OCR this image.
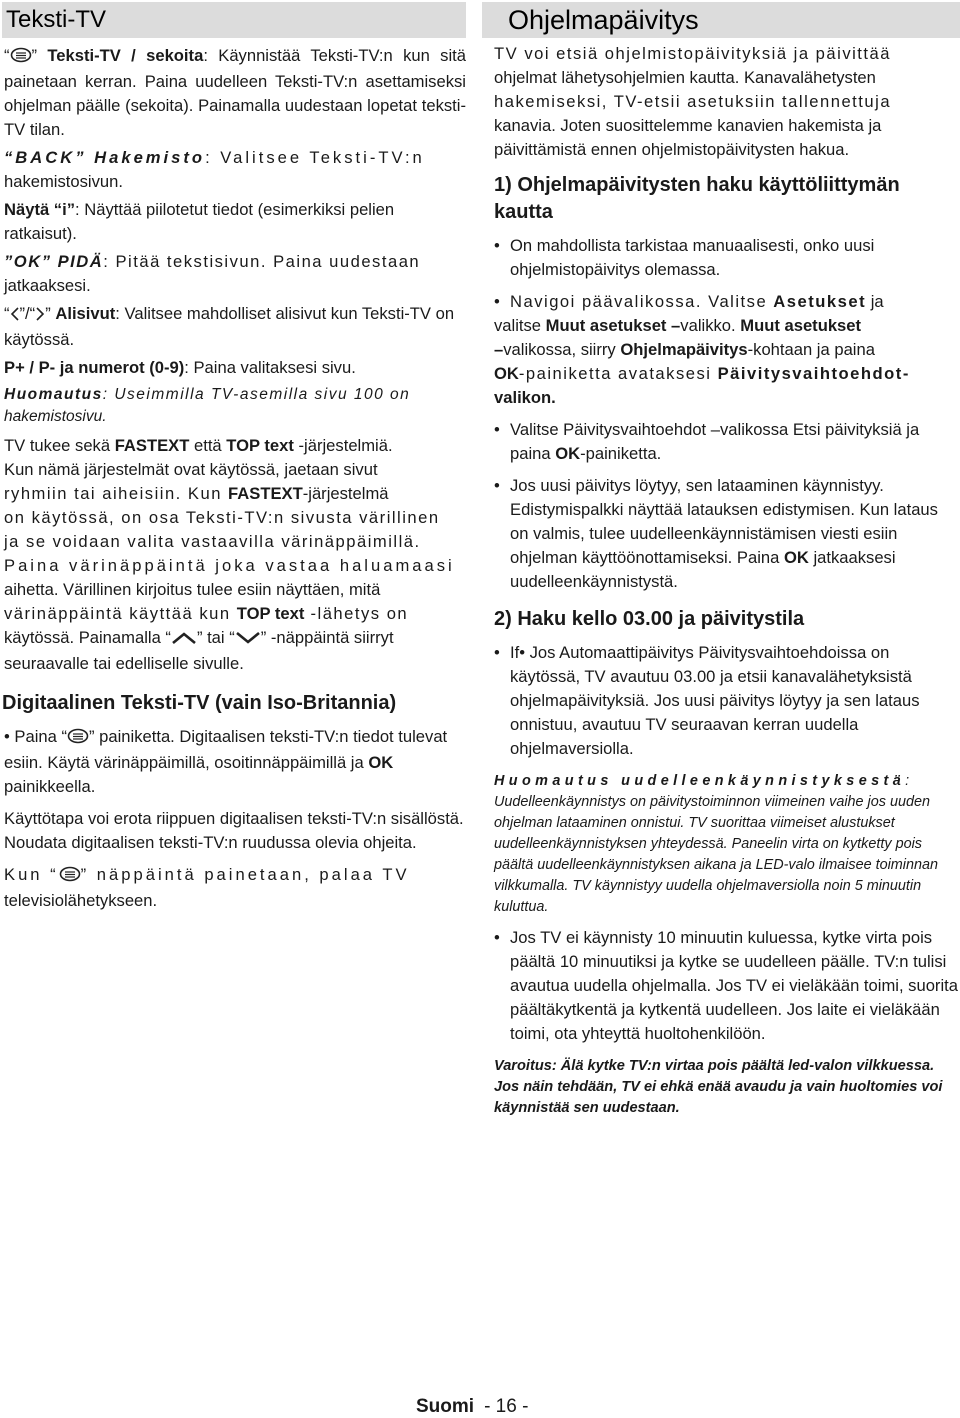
Teksti-TV

“ ” Teksti-TV / sekoita: Käynnistää Teksti-TV:n kun sitä painetaan kerran. Paina uudelleen Teksti-TV:n asettamiseksi ohjelman päälle (sekoita). Painamalla uudestaan lopetat teksti-TV tilan.

“BACK” Hakemisto: Valitsee Teksti-TV:n
hakemistosivun.

Näytä “i”: Näyttää piilotetut tiedot (esimerkiksi pelien ratkaisut).

”OK” PIDÄ: Pitää tekstisivun. Paina uudestaan
jatkaaksesi.

“ ”/“ ” Alisivut: Valitsee mahdolliset alisivut kun Teksti-TV on käytössä.

P+ / P- ja numerot (0-9): Paina valitaksesi sivu.

Huomautus: Useimmilla TV-asemilla sivu 100 on
hakemistosivu.

TV tukee sekä FASTEXT että TOP text -järjestelmiä.
Kun nämä järjestelmät ovat käytössä, jaetaan sivut
ryhmiin tai aiheisiin. Kun FASTEXT-järjestelmä
on käytössä, on osa Teksti-TV:n sivusta värillinen
ja se voidaan valita vastaavilla värinäppäimillä.
Paina värinäppäintä joka vastaa haluamaasi
aihetta. Värillinen kirjoitus tulee esiin näyttäen, mitä
värinäppäintä käyttää kun TOP text -lähetys on
käytössä. Painamalla “ ” tai “ ” -näppäintä siirryt
seuraavalle tai edelliselle sivulle.

Digitaalinen Teksti-TV (vain Iso-Britannia)

• Paina “ ” painiketta. Digitaalisen teksti-TV:n tiedot tulevat esiin. Käytä värinäppäimillä, osoitinnäppäimillä ja OK painikkeella.

Käyttötapa voi erota riippuen digitaalisen teksti-TV:n sisällöstä. Noudata digitaalisen teksti-TV:n ruudussa olevia ohjeita.

Kun “ ” näppäintä painetaan, palaa TV
televisiolähetykseen.

Ohjelmapäivitys

TV voi etsiä ohjelmistopäivityksiä ja päivittää
ohjelmat lähetysohjelmien kautta. Kanavalähetysten
hakemiseksi, TV-etsii asetuksiin tallennettuja
kanavia. Joten suosittelemme kanavien hakemista ja
päivittämistä ennen ohjelmistopäivitysten hakua.

1) Ohjelmapäivitysten haku käyttöliittymän kautta
• On mahdollista tarkistaa manuaalisesti, onko uusi ohjelmistopäivitys olemassa.
• Navigoi päävalikossa. Valitse Asetukset ja

valitse Muut asetukset –valikko. Muut asetukset
–valikossa, siirry Ohjelmapäivitys-kohtaan ja paina
OK-painiketta avataksesi Päivitysvaihtoehdot-
valikon.

• Valitse Päivitysvaihtoehdot –valikossa Etsi päivityksiä ja paina OK-painiketta.
• Jos uusi päivitys löytyy, sen lataaminen käynnistyy. Edistymispalkki näyttää latauksen edistymisen. Kun lataus on valmis, tulee uudelleenkäynnistämisen viesti esiin ohjelman käyttöönottamiseksi. Paina OK jatkaaksesi uudelleenkäynnistystä.
2) Haku kello 03.00 ja päivitystila
• If• Jos Automaattipäivitys Päivitysvaihtoehdoissa on käytössä, TV avautuu 03.00 ja etsii kanavalähetyksistä ohjelmapäivityksiä. Jos uusi päivitys löytyy ja sen lataus onnistuu, avautuu TV seuraavan kerran uudella ohjelmaversiolla.

Huomautus uudelleenkäynnistyksestä:
Uudelleenkäynnistys on päivitystoiminnon viimeinen vaihe jos uuden ohjelman lataaminen onnistui. TV suorittaa viimeiset alustukset uudelleenkäynnistyksen yhteydessä. Paneelin virta on kytketty pois päältä uudelleenkäynnistyksen aikana ja LED-valo ilmaisee toiminnan vilkkumalla. TV käynnistyy uudella ohjelmaversiolla noin 5 minuutin kuluttua.

• Jos TV ei käynnisty 10 minuutin kuluessa, kytke virta pois päältä 10 minuutiksi ja kytke se uudelleen päälle. TV:n tulisi avautua uudella ohjelmalla. Jos TV ei vieläkään toimi, suorita päältäkytkentä ja kytkentä uudelleen. Jos laite ei vieläkään toimi, ota yhteyttä huoltohenkilöön.

Varoitus: Älä kytke TV:n virtaa pois päältä led-valon vilkkuessa. Jos näin tehdään, TV ei ehkä enää avaudu ja vain huoltomies voi käynnistää sen uudestaan.

Suomi - 16 -
